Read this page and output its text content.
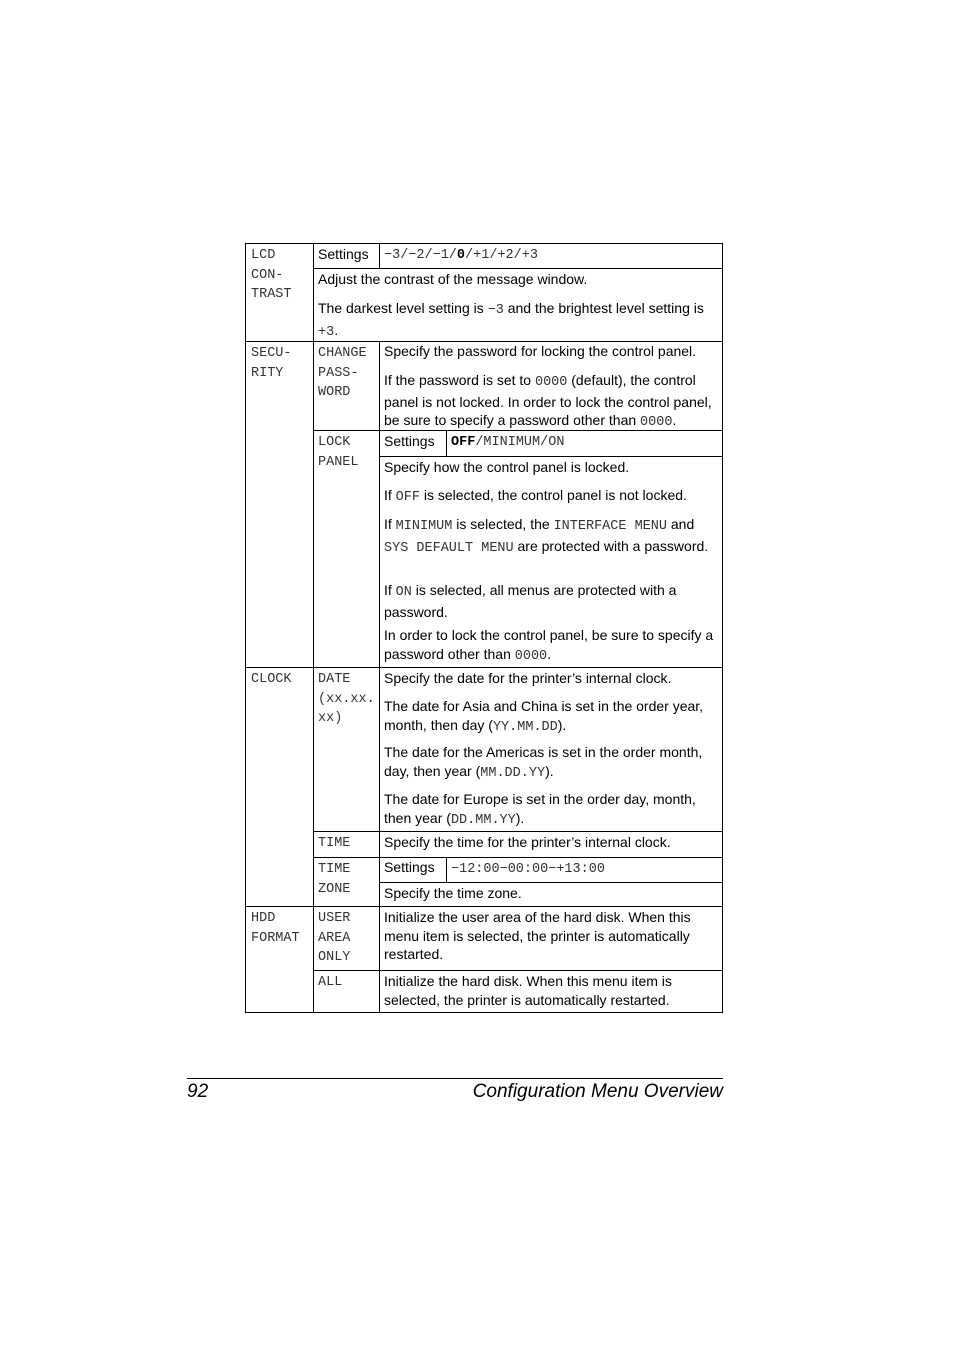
LCD
CON-
TRAST
Settings −3/−2/−1/0/+1/+2/+3
Adjust the contrast of the message window.
The darkest level setting is −3 and the brightest level setting is +3.
SECU-
RITY
CHANGE
PASS-
WORD
Specify the password for locking the control panel.
If the password is set to 0000 (default), the control panel is not locked. In order to lock the control panel, be sure to specify a password other than 0000.
LOCK
PANEL
Settings OFF/MINIMUM/ON
Specify how the control panel is locked.
If OFF is selected, the control panel is not locked.
If MINIMUM is selected, the INTERFACE MENU and SYS DEFAULT MENU are protected with a password.
If ON is selected, all menus are protected with a password.
In order to lock the control panel, be sure to specify a password other than 0000.
CLOCK DATE
(xx.xx.
xx)
Specify the date for the printer’s internal clock.
The date for Asia and China is set in the order year, month, then day (YY.MM.DD).
The date for the Americas is set in the order month, day, then year (MM.DD.YY).
The date for Europe is set in the order day, month, then year (DD.MM.YY).
TIME Specify the time for the printer’s internal clock.
TIME
ZONE
Settings −12:00−00:00−+13:00
Specify the time zone.
HDD
FORMAT
USER
AREA
ONLY
Initialize the user area of the hard disk. When this menu item is selected, the printer is automatically restarted.
ALL	Initialize the hard disk. When this menu item is selected, the printer is automatically restarted.
92	Configuration Menu Overview
